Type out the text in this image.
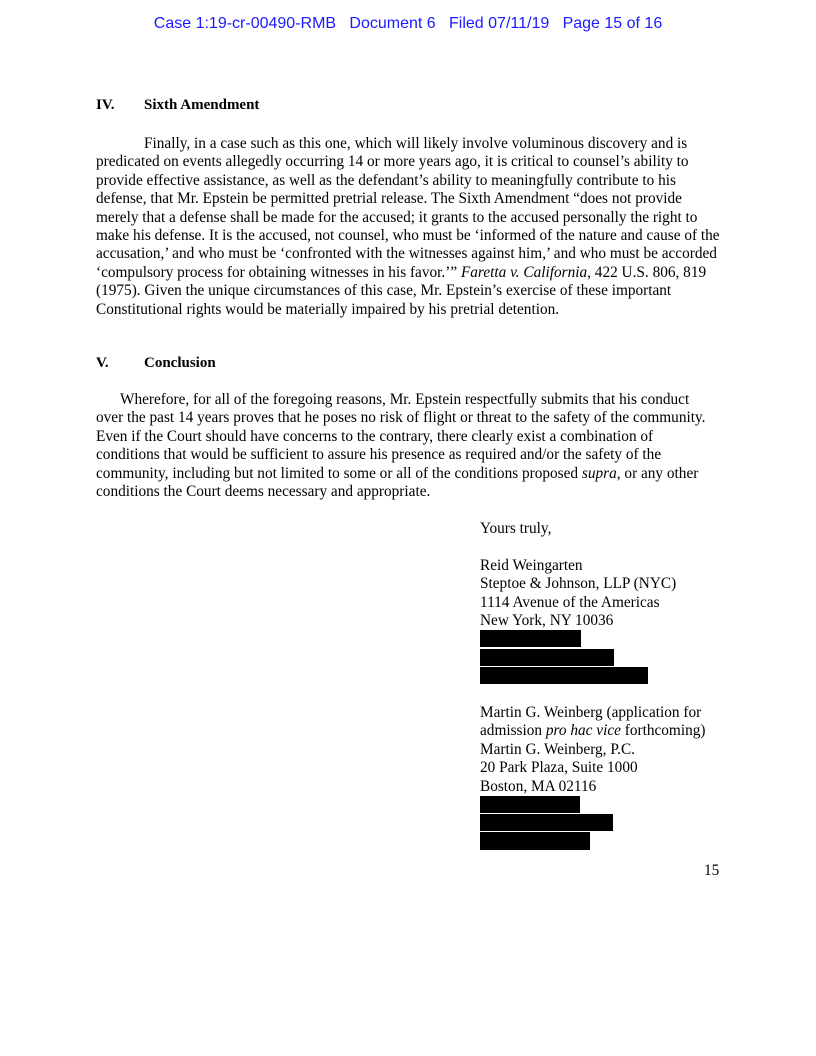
Case 1:19-cr-00490-RMB   Document 6   Filed 07/11/19   Page 15 of 16
IV. Sixth Amendment

Finally, in a case such as this one, which will likely involve voluminous discovery and is predicated on events allegedly occurring 14 or more years ago, it is critical to counsel’s ability to provide effective assistance, as well as the defendant’s ability to meaningfully contribute to his defense, that Mr. Epstein be permitted pretrial release. The Sixth Amendment “does not provide merely that a defense shall be made for the accused; it grants to the accused personally the right to make his defense. It is the accused, not counsel, who must be ‘informed of the nature and cause of the accusation,’ and who must be ‘confronted with the witnesses against him,’ and who must be accorded ‘compulsory process for obtaining witnesses in his favor.’” Faretta v. California, 422 U.S. 806, 819 (1975). Given the unique circumstances of this case, Mr. Epstein’s exercise of these important Constitutional rights would be materially impaired by his pretrial detention.

V. Conclusion

Wherefore, for all of the foregoing reasons, Mr. Epstein respectfully submits that his conduct over the past 14 years proves that he poses no risk of flight or threat to the safety of the community. Even if the Court should have concerns to the contrary, there clearly exist a combination of conditions that would be sufficient to assure his presence as required and/or the safety of the community, including but not limited to some or all of the conditions proposed supra, or any other conditions the Court deems necessary and appropriate.

Yours truly,
Reid Weingarten
Steptoe & Johnson, LLP (NYC)
1114 Avenue of the Americas
New York, NY 10036
Martin G. Weinberg (application for
admission pro hac vice forthcoming)
Martin G. Weinberg, P.C.
20 Park Plaza, Suite 1000
Boston, MA 02116
15
